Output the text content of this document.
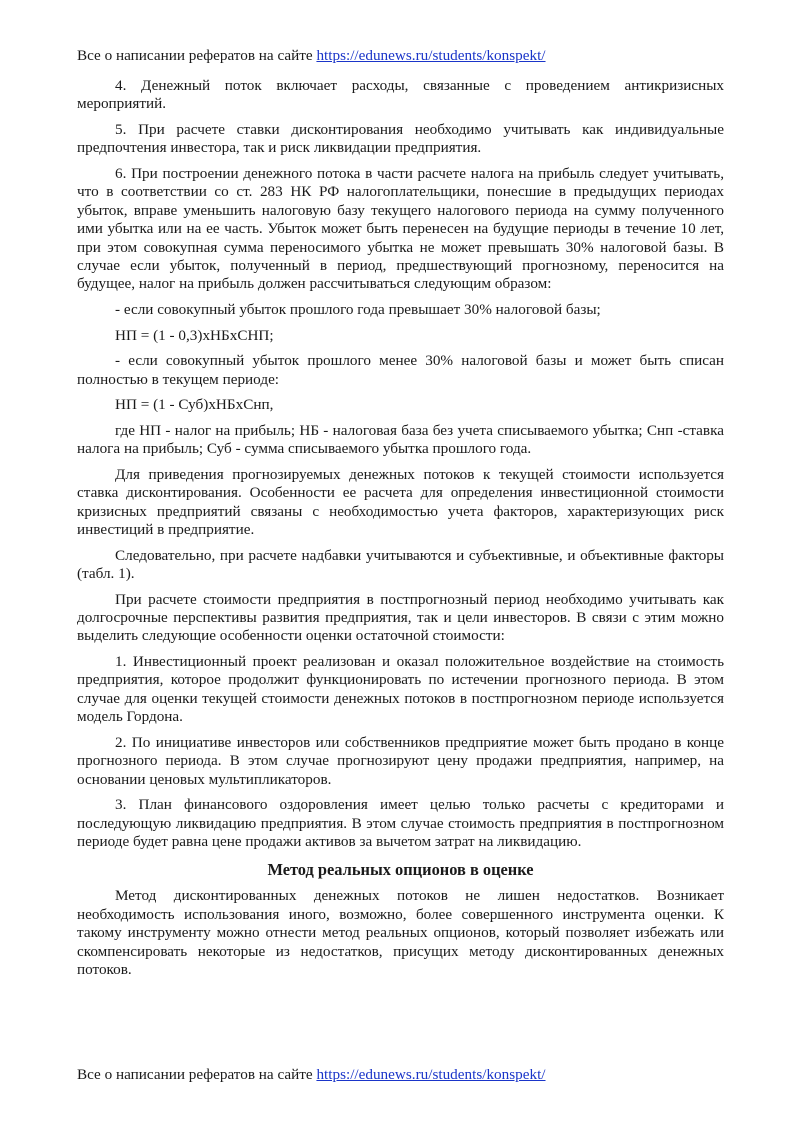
Все о написании рефератов на сайте https://edunews.ru/students/konspekt/

4. Денежный поток включает расходы, связанные с проведением антикризисных мероприятий.

5. При расчете ставки дисконтирования необходимо учитывать как индивидуальные предпочтения инвестора, так и риск ликвидации предприятия.

6. При построении денежного потока в части расчете налога на прибыль следует учитывать, что в соответствии со ст. 283 НК РФ налогоплательщики, понесшие в предыдущих периодах убыток, вправе уменьшить налоговую базу текущего налогового периода на сумму полученного ими убытка или на ее часть. Убыток может быть перенесен на будущие периоды в течение 10 лет, при этом совокупная сумма переносимого убытка не может превышать 30% налоговой базы. В случае если убыток, полученный в период, предшествующий прогнозному, переносится на будущее, налог на прибыль должен рассчитываться следующим образом:

- если совокупный убыток прошлого года превышает 30% налоговой базы;

НП = (1 - 0,3)хНБхСНП;

- если совокупный убыток прошлого менее 30% налоговой базы и может быть списан полностью в текущем периоде:

НП = (1 - Суб)хНБхСнп,

где НП - налог на прибыль; НБ - налоговая база без учета списываемого убытка; Снп -ставка налога на прибыль; Суб - сумма списываемого убытка прошлого года.

Для приведения прогнозируемых денежных потоков к текущей стоимости используется ставка дисконтирования. Особенности ее расчета для определения инвестиционной стоимости кризисных предприятий связаны с необходимостью учета факторов, характеризующих риск инвестиций в предприятие.

Следовательно, при расчете надбавки учитываются и субъективные, и объективные факторы (табл. 1).

При расчете стоимости предприятия в постпрогнозный период необходимо учитывать как долгосрочные перспективы развития предприятия, так и цели инвесторов. В связи с этим можно выделить следующие особенности оценки остаточной стоимости:

1. Инвестиционный проект реализован и оказал положительное воздействие на стоимость предприятия, которое продолжит функционировать по истечении прогнозного периода. В этом случае для оценки текущей стоимости денежных потоков в постпрогнозном периоде используется модель Гордона.

2. По инициативе инвесторов или собственников предприятие может быть продано в конце прогнозного периода. В этом случае прогнозируют цену продажи предприятия, например, на основании ценовых мультипликаторов.

3. План финансового оздоровления имеет целью только расчеты с кредиторами и последующую ликвидацию предприятия. В этом случае стоимость предприятия в постпрогнозном периоде будет равна цене продажи активов за вычетом затрат на ликвидацию.

Метод реальных опционов в оценке

Метод дисконтированных денежных потоков не лишен недостатков. Возникает необходимость использования иного, возможно, более совершенного инструмента оценки. К такому инструменту можно отнести метод реальных опционов, который позволяет избежать или скомпенсировать некоторые из недостатков, присущих методу дисконтированных денежных потоков.

Все о написании рефератов на сайте https://edunews.ru/students/konspekt/
